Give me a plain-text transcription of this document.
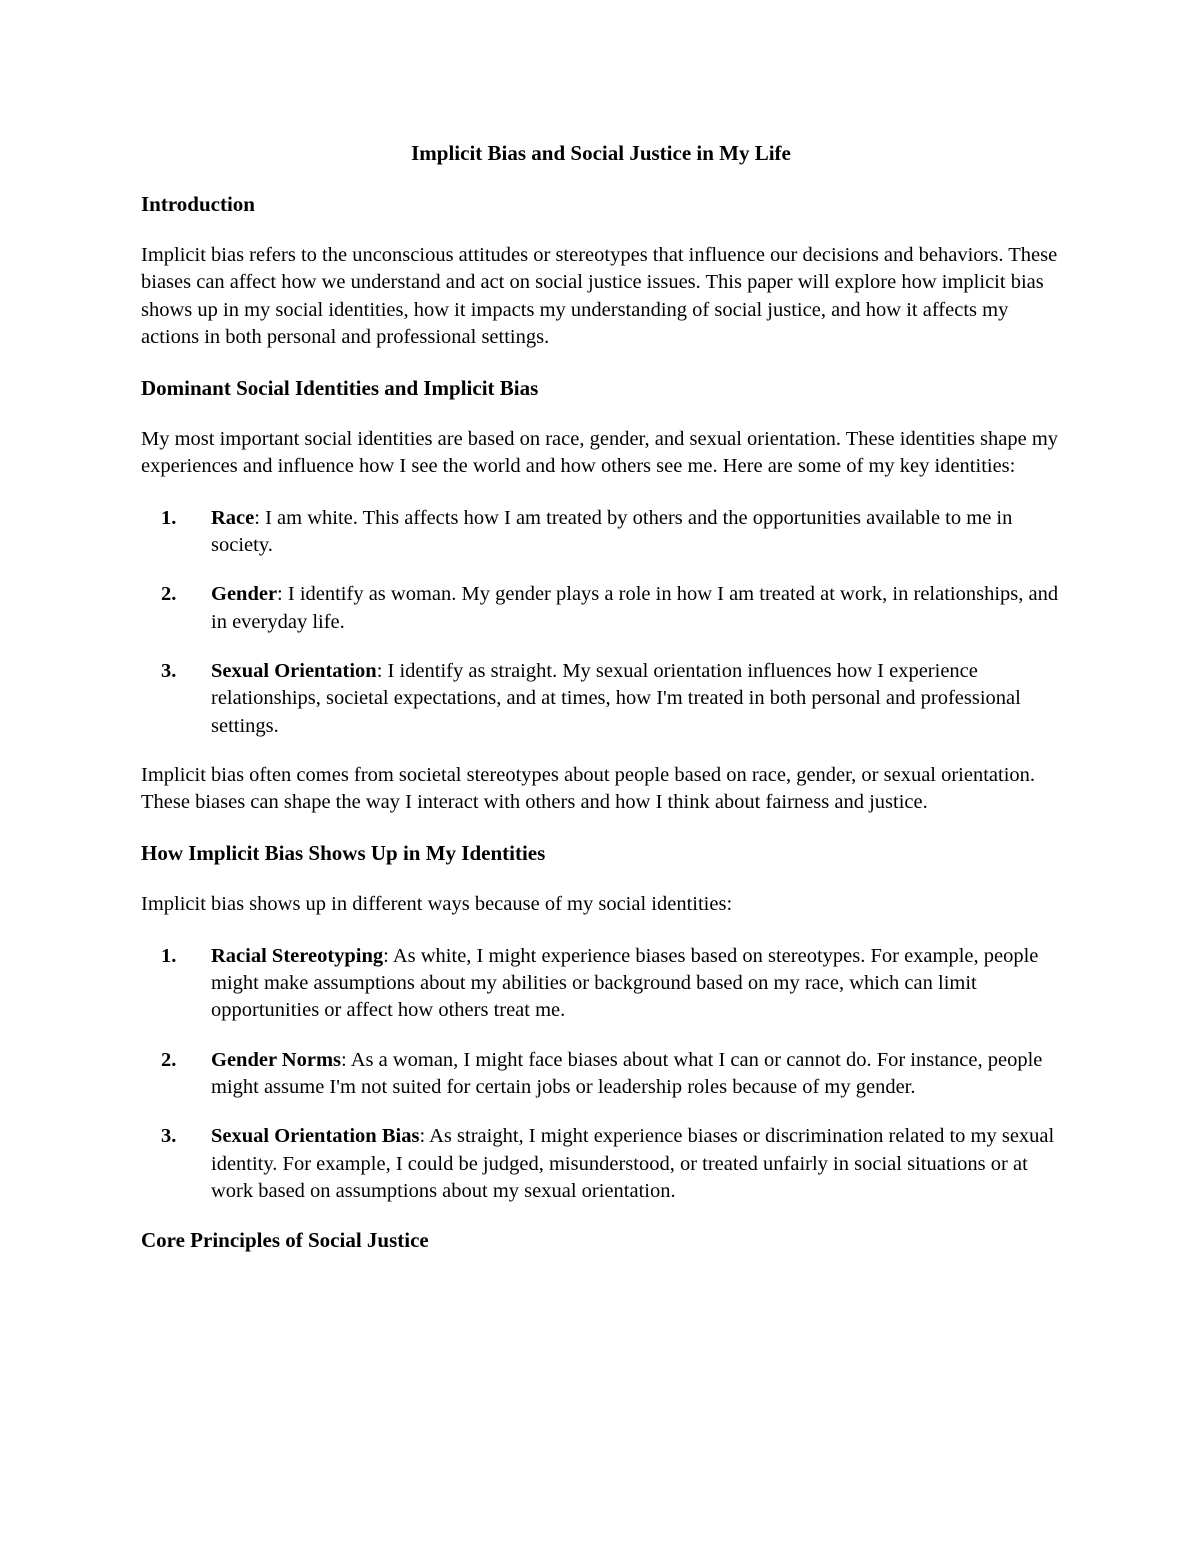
Implicit Bias and Social Justice in My Life
Introduction

Implicit bias refers to the unconscious attitudes or stereotypes that influence our decisions and behaviors. These biases can affect how we understand and act on social justice issues. This paper will explore how implicit bias shows up in my social identities, how it impacts my understanding of social justice, and how it affects my actions in both personal and professional settings.

Dominant Social Identities and Implicit Bias

My most important social identities are based on race, gender, and sexual orientation. These identities shape my experiences and influence how I see the world and how others see me. Here are some of my key identities:

1. Race: I am white. This affects how I am treated by others and the opportunities available to me in society.
2. Gender: I identify as woman. My gender plays a role in how I am treated at work, in relationships, and in everyday life.
3. Sexual Orientation: I identify as straight. My sexual orientation influences how I experience relationships, societal expectations, and at times, how I'm treated in both personal and professional settings.

Implicit bias often comes from societal stereotypes about people based on race, gender, or sexual orientation. These biases can shape the way I interact with others and how I think about fairness and justice.

How Implicit Bias Shows Up in My Identities

Implicit bias shows up in different ways because of my social identities:

1. Racial Stereotyping: As white, I might experience biases based on stereotypes. For example, people might make assumptions about my abilities or background based on my race, which can limit opportunities or affect how others treat me.
2. Gender Norms: As a woman, I might face biases about what I can or cannot do. For instance, people might assume I'm not suited for certain jobs or leadership roles because of my gender.
3. Sexual Orientation Bias: As straight, I might experience biases or discrimination related to my sexual identity. For example, I could be judged, misunderstood, or treated unfairly in social situations or at work based on assumptions about my sexual orientation.
Core Principles of Social Justice
